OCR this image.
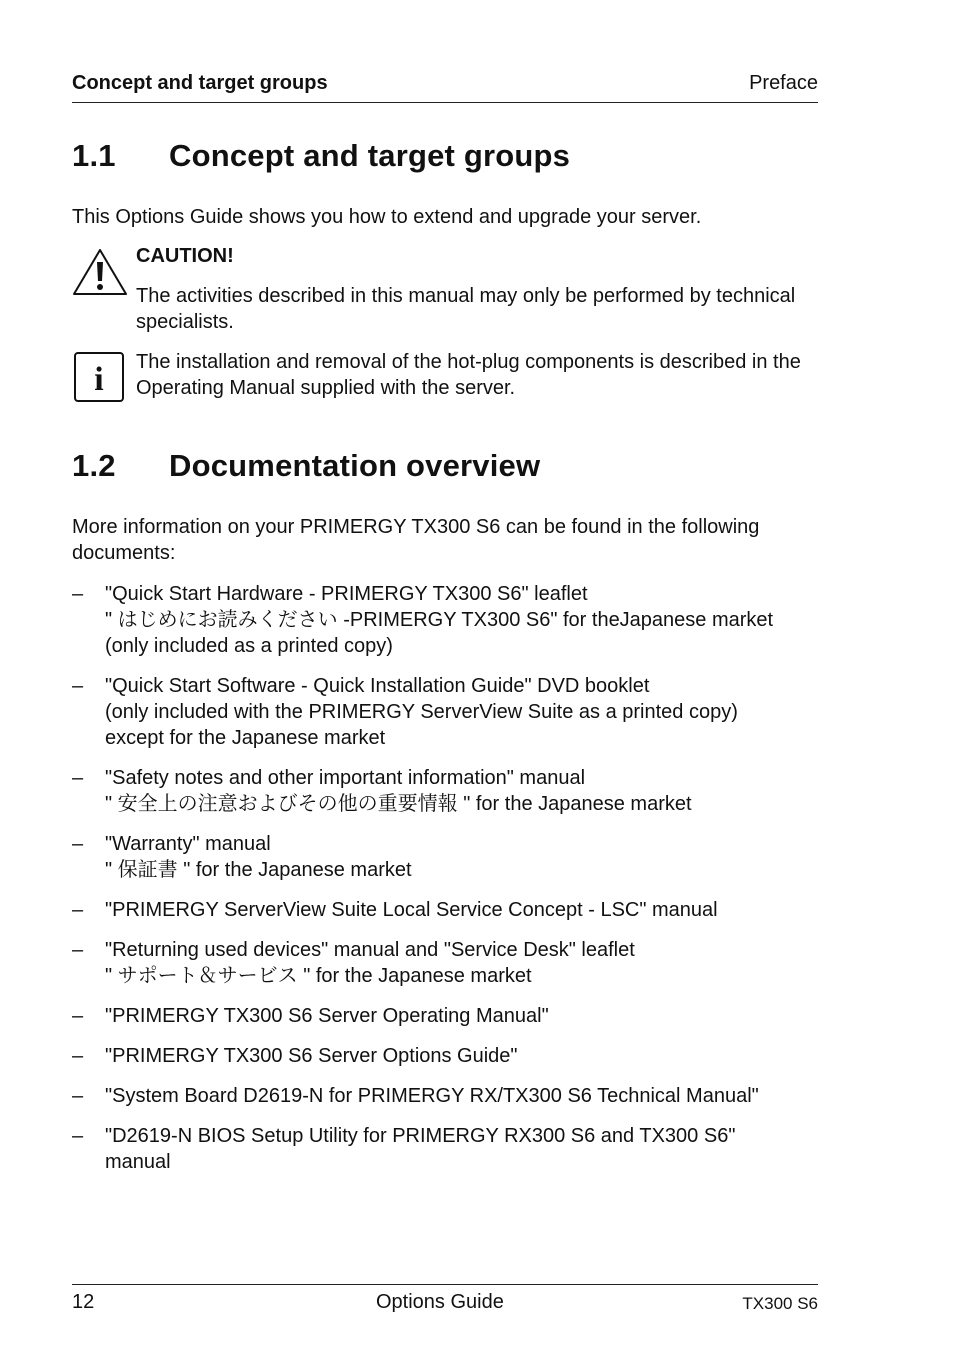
Concept and target groups	Preface
1.1 Concept and target groups
This Options Guide shows you how to extend and upgrade your server.
CAUTION!
The activities described in this manual may only be performed by technical specialists.
i The installation and removal of the hot-plug components is described in the Operating Manual supplied with the server.
1.2 Documentation overview
More information on your PRIMERGY TX300 S6 can be found in the following documents:
– "Quick Start Hardware - PRIMERGY TX300 S6" leaflet
" はじめにお読みください -PRIMERGY TX300 S6" for theJapanese market
(only included as a printed copy)
– "Quick Start Software - Quick Installation Guide" DVD booklet
(only included with the PRIMERGY ServerView Suite as a printed copy)
except for the Japanese market
– "Safety notes and other important information" manual
" 安全上の注意およびその他の重要情報 " for the Japanese market
– "Warranty" manual
" 保証書 " for the Japanese market
– "PRIMERGY ServerView Suite Local Service Concept - LSC" manual
– "Returning used devices" manual and "Service Desk" leaflet
" サポート＆サービス " for the Japanese market
– "PRIMERGY TX300 S6 Server Operating Manual"
– "PRIMERGY TX300 S6 Server Options Guide"
– "System Board D2619-N for PRIMERGY RX/TX300 S6 Technical Manual"
– "D2619-N BIOS Setup Utility for PRIMERGY RX300 S6 and TX300 S6"
manual
12	Options Guide	TX300 S6
